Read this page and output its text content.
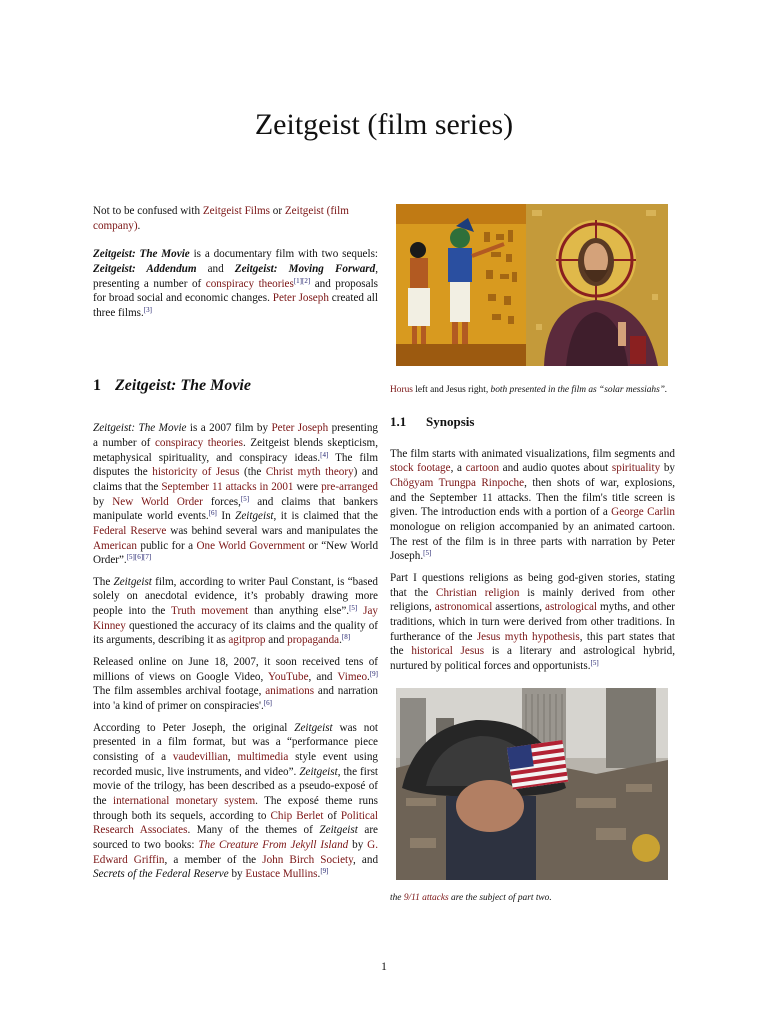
Zeitgeist (film series)

Not to be confused with Zeitgeist Films or Zeitgeist (film company).

Zeitgeist: The Movie is a documentary film with two sequels: Zeitgeist: Addendum and Zeitgeist: Moving Forward, presenting a number of conspiracy theories[1][2] and proposals for broad social and economic changes. Peter Joseph created all three films.[3]

1 Zeitgeist: The Movie

Zeitgeist: The Movie is a 2007 film by Peter Joseph presenting a number of conspiracy theories. Zeitgeist blends skepticism, metaphysical spirituality, and conspiracy ideas.[4] The film disputes the historicity of Jesus (the Christ myth theory) and claims that the September 11 attacks in 2001 were pre-arranged by New World Order forces,[5] and claims that bankers manipulate world events.[6] In Zeitgeist, it is claimed that the Federal Reserve was behind several wars and manipulates the American public for a One World Government or “New World Order”.[5][6][7]

The Zeitgeist film, according to writer Paul Constant, is “based solely on anecdotal evidence, it’s probably drawing more people into the Truth movement than anything else”.[5] Jay Kinney questioned the accuracy of its claims and the quality of its arguments, describing it as agitprop and propaganda.[8]

Released online on June 18, 2007, it soon received tens of millions of views on Google Video, YouTube, and Vimeo.[9] The film assembles archival footage, animations and narration into 'a kind of primer on conspiracies'.[6]

According to Peter Joseph, the original Zeitgeist was not presented in a film format, but was a “performance piece consisting of a vaudevillian, multimedia style event using recorded music, live instruments, and video”. Zeitgeist, the first movie of the trilogy, has been described as a pseudo-exposé of the international monetary system. The exposé theme runs through both its sequels, according to Chip Berlet of Political Research Associates. Many of the themes of Zeitgeist are sourced to two books: The Creature From Jekyll Island by G. Edward Griffin, a member of the John Birch Society, and Secrets of the Federal Reserve by Eustace Mullins.[9]

Horus left and Jesus right, both presented in the film as “solar messiahs”.
1.1 Synopsis

The film starts with animated visualizations, film segments and stock footage, a cartoon and audio quotes about spirituality by Chögyam Trungpa Rinpoche, then shots of war, explosions, and the September 11 attacks. Then the film's title screen is given. The introduction ends with a portion of a George Carlin monologue on religion accompanied by an animated cartoon. The rest of the film is in three parts with narration by Peter Joseph.[5]

Part I questions religions as being god-given stories, stating that the Christian religion is mainly derived from other religions, astronomical assertions, astrological myths, and other traditions, which in turn were derived from other traditions. In furtherance of the Jesus myth hypothesis, this part states that the historical Jesus is a literary and astrological hybrid, nurtured by political forces and opportunists.[5]

the 9/11 attacks are the subject of part two.
1
